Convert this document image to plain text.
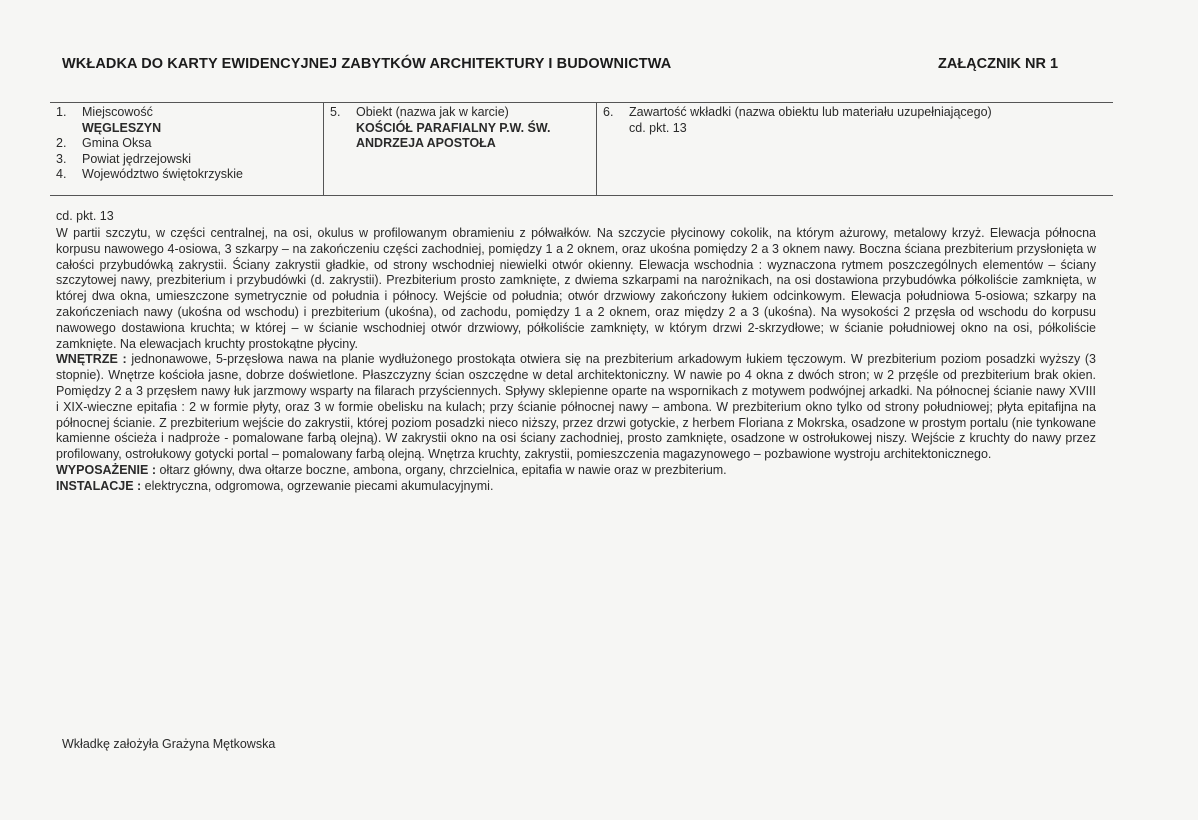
WKŁADKA DO KARTY EWIDENCYJNEJ ZABYTKÓW ARCHITEKTURY I BUDOWNICTWA	ZAŁĄCZNIK NR 1
1.	Miejscowość
WĘGLESZYN
2.	Gmina Oksa
3.	Powiat jędrzejowski
4.	Województwo świętokrzyskie
5.	Obiekt (nazwa jak w karcie)
KOŚCIÓŁ PARAFIALNY P.W. ŚW.
ANDRZEJA APOSTOŁA
6.	Zawartość wkładki (nazwa obiektu lub materiału uzupełniającego)
cd. pkt. 13
cd. pkt. 13

W partii szczytu, w części centralnej, na osi, okulus w profilowanym obramieniu z półwałków. Na szczycie płycinowy cokolik, na którym ażurowy, metalowy krzyż. Elewacja północna korpusu nawowego 4-osiowa, 3 szkarpy – na zakończeniu części zachodniej, pomiędzy 1 a 2 oknem, oraz ukośna pomiędzy 2 a 3 oknem nawy. Boczna ściana prezbiterium przysłonięta w całości przybudówką zakrystii. Ściany zakrystii gładkie, od strony wschodniej niewielki otwór okienny. Elewacja wschodnia : wyznaczona rytmem poszczególnych elementów – ściany szczytowej nawy, prezbiterium i przybudówki (d. zakrystii). Prezbiterium prosto zamknięte, z dwiema szkarpami na narożnikach, na osi dostawiona przybudówka półkoliście zamknięta, w której dwa okna, umieszczone symetrycznie od południa i północy. Wejście od południa; otwór drzwiowy zakończony łukiem odcinkowym. Elewacja południowa 5-osiowa; szkarpy na zakończeniach nawy (ukośna od wschodu) i prezbiterium (ukośna), od zachodu, pomiędzy 1 a 2 oknem, oraz między 2 a 3 (ukośna). Na wysokości 2 przęsła od wschodu do korpusu nawowego dostawiona kruchta; w której – w ścianie wschodniej otwór drzwiowy, półkoliście zamknięty, w którym drzwi 2-skrzydłowe; w ścianie południowej okno na osi, półkoliście zamknięte. Na elewacjach kruchty prostokątne płyciny.

WNĘTRZE : jednonawowe, 5-przęsłowa nawa na planie wydłużonego prostokąta otwiera się na prezbiterium arkadowym łukiem tęczowym. W prezbiterium poziom posadzki wyższy (3 stopnie). Wnętrze kościoła jasne, dobrze doświetlone. Płaszczyzny ścian oszczędne w detal architektoniczny. W nawie po 4 okna z dwóch stron; w 2 przęśle od prezbiterium brak okien. Pomiędzy 2 a 3 przęsłem nawy łuk jarzmowy wsparty na filarach przyściennych. Spływy sklepienne oparte na wspornikach z motywem podwójnej arkadki. Na północnej ścianie nawy XVIII i XIX-wieczne epitafia : 2 w formie płyty, oraz 3 w formie obelisku na kulach; przy ścianie północnej nawy – ambona. W prezbiterium okno tylko od strony południowej; płyta epitafijna na północnej ścianie. Z prezbiterium wejście do zakrystii, której poziom posadzki nieco niższy, przez drzwi gotyckie, z herbem Floriana z Mokrska, osadzone w prostym portalu (nie tynkowane kamienne ościeża i nadproże - pomalowane farbą olejną). W zakrystii okno na osi ściany zachodniej, prosto zamknięte, osadzone w ostrołukowej niszy. Wejście z kruchty do nawy przez profilowany, ostrołukowy gotycki portal – pomalowany farbą olejną. Wnętrza kruchty, zakrystii, pomieszczenia magazynowego – pozbawione wystroju architektonicznego.

WYPOSAŻENIE : ołtarz główny, dwa ołtarze boczne, ambona, organy, chrzcielnica, epitafia w nawie oraz w prezbiterium.

INSTALACJE : elektryczna, odgromowa, ogrzewanie piecami akumulacyjnymi.

Wkładkę założyła Grażyna Mętkowska
